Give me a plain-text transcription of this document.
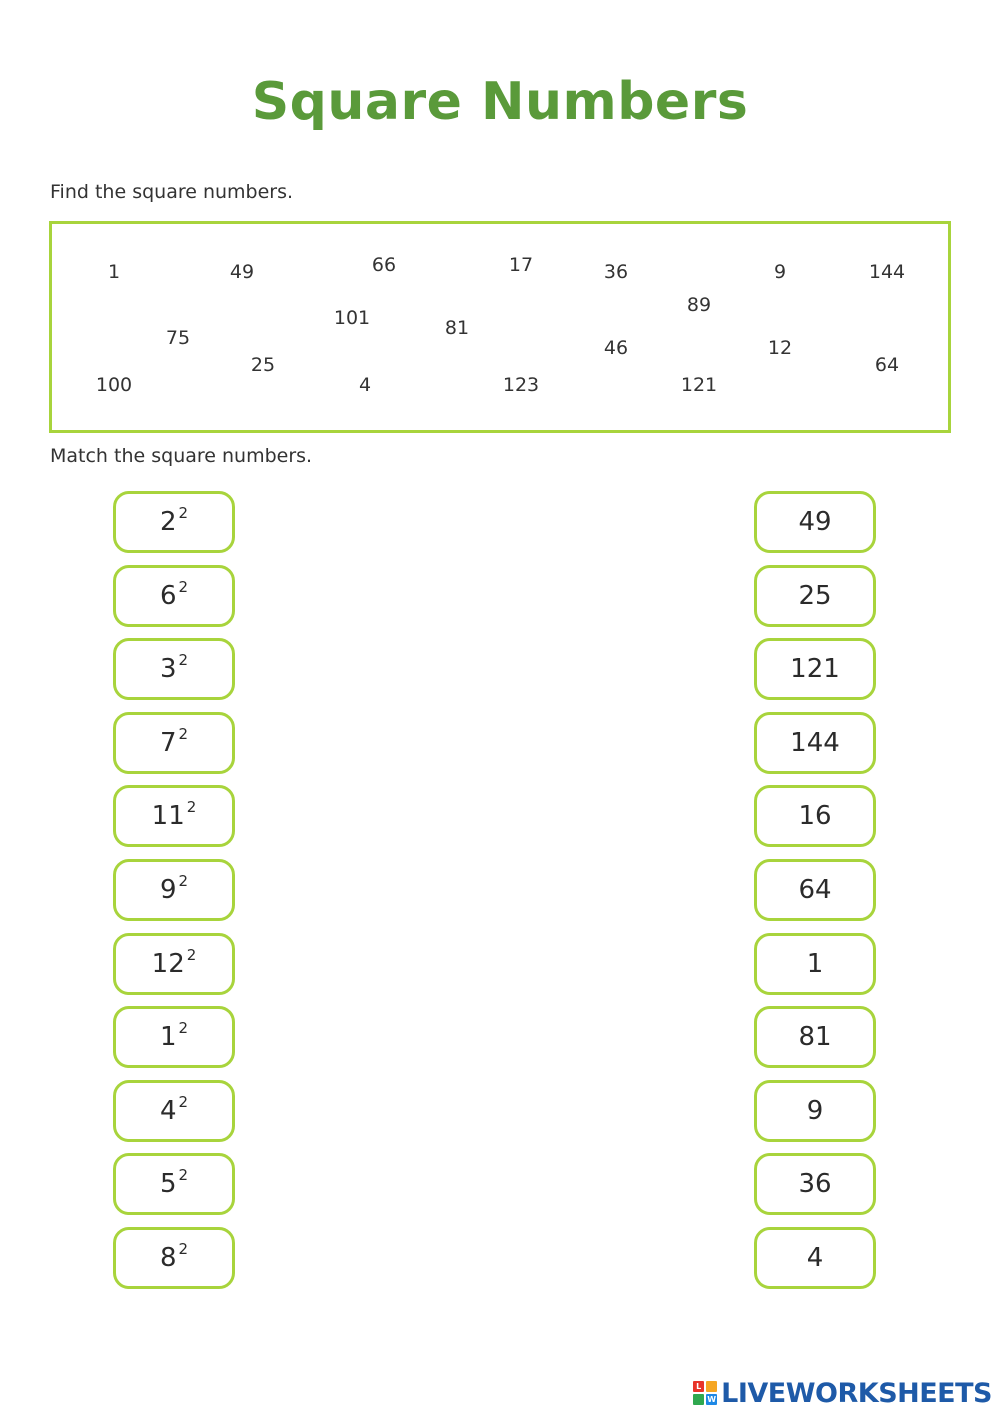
Square Numbers
Find the square numbers.
1	49	66	17	36	9	144
89
101	81
75
25
46	12
64
100	4	123	121
Match the square numbers.
2 2
6 2
3 2
7 2
11 2
9 2
12 2
1 2
4 2
5 2
8 2
49
25
121
144
16
64
1
81
9
36
4
L
W LIVEWORKSHEETS
